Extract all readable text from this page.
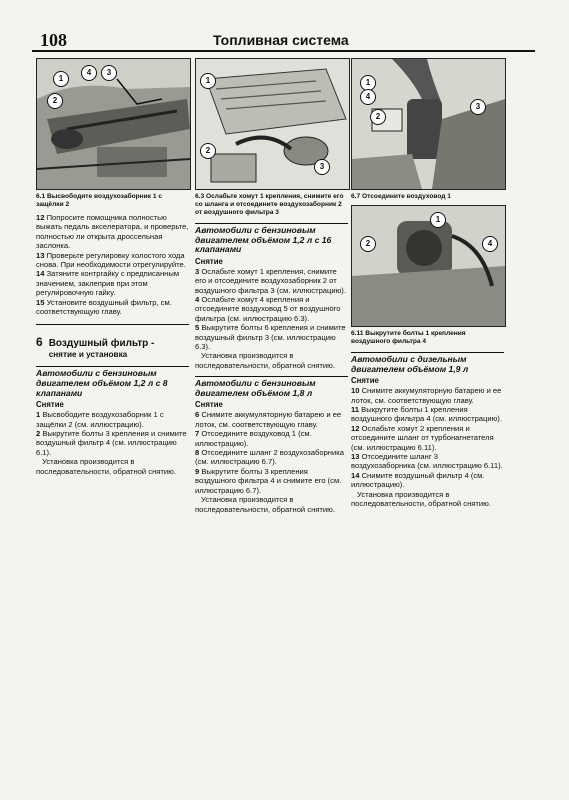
108	Топливная система
1
4	3
2
6.1 Высвободите воздухозаборник 1 с защёлки 2

12 Попросите помощника полностью выжать педаль акселератора, и проверьте, полностью ли открыта дроссельная заслонка.

13 Проверьте регулировку холостого хода снова. При необходимости отрегулируйте.

14 Затяните контргайку с предписанным значением, заклеприв при этом регулировочную гайку.

15 Установите воздушный фильтр, см. соответствующую главу.

6 Воздушный фильтр -
снятие и установка
Автомобили с бензиновым двигателем объёмом 1,2 л с 8 клапанами
Снятие

1 Высвободите воздухозаборник 1 с защёлки 2 (см. иллюстрацию).

2 Выкрутите болты 3 крепления и снимите воздушный фильтр 4 (см. иллюстрацию 6.1).

Установка производится в последовательности, обратной снятию.

1
2
3
6.3 Ослабьте хомут 1 крепления, снимите его со шланга и отсоедините воздухозаборник 2 от воздушного фильтра 3
Автомобили с бензиновым двигателем объёмом 1,2 л с 16 клапанами
Снятие

3 Ослабьте хомут 1 крепления, снимите его и отсоедините воздухозаборник 2 от воздушного фильтра 3 (см. иллюстрацию).

4 Ослабьте хомут 4 крепления и отсоедините воздуховод 5 от воздушного фильтра (см. иллюстрацию 6.3).

5 Выкрутите болты 6 крепления и снимите воздушный фильтр 3 (см. иллюстрацию 6.3).

Установка производится в последовательности, обратной снятию.

Автомобили с бензиновым двигателем объёмом 1,8 л
Снятие

6 Снимите аккумуляторную батарею и ее лоток, см. соответствующую главу.

7 Отсоедините воздуховод 1 (см. иллюстрацию).

8 Отсоедините шланг 2 воздухозаборника (см. иллюстрацию 6.7).

9 Выкрутите болты 3 крепления воздушного фильтра 4 и снимите его (см. иллюстрацию 6.7).

Установка производится в последовательности, обратной снятию.

1
2
3
4
6.7 Отсоедините воздуховод 1
1
2	4
6.11 Выкрутите болты 1 крепления воздушного фильтра 4
Автомобили с дизельным двигателем объёмом 1,9 л
Снятие

10 Снимите аккумуляторную батарею и ее лоток, см. соответствующую главу.

11 Выкрутите болты 1 крепления воздушного фильтра 4 (см. иллюстрацию).

12 Ослабьте хомут 2 крепления и отсоедините шланг от турбонагнетателя (см. иллюстрацию 6.11).

13 Отсоедините шланг 3 воздухозаборника (см. иллюстрацию 6.11).

14 Снимите воздушный фильтр 4 (см. иллюстрацию).

Установка производится в последовательности, обратной снятию.
